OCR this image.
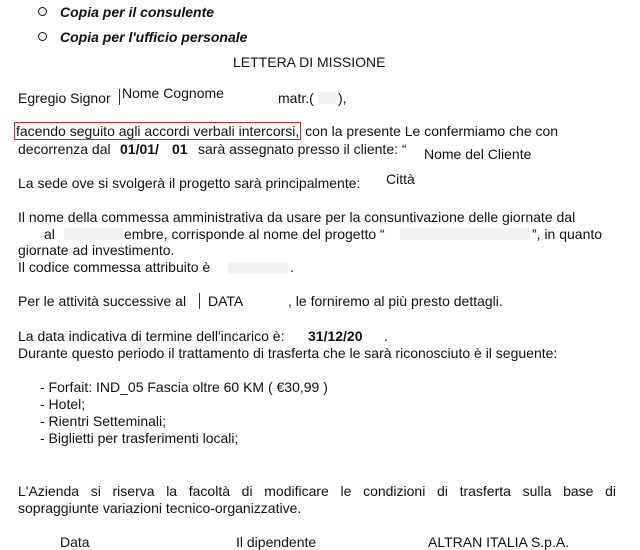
Copia per il consulente
Copia per l'ufficio personale
LETTERA DI MISSIONE
Egregio Signor Nome Cognome	matr.( ),
facendo seguito agli accordi verbali intercorsi, con la presente Le confermiamo che con
decorrenza dal 01/01/ 01 sarà assegnato presso il cliente: “ Nome del Cliente
La sede ove si svolgerà il progetto sarà principalmente: Città
Il nome della commessa amministrativa da usare per la consuntivazione delle giornate dal
al	embre, corrisponde al nome del progetto “	”, in quanto
giornate ad investimento.
Il codice commessa attribuito è	.
Per le attività successive al DATA	, le forniremo al più presto dettagli.
La data indicativa di termine dell'incarico è: 31/12/20 .
Durante questo periodo il trattamento di trasferta che le sarà riconosciuto è il seguente:
- Forfait: IND_05 Fascia oltre 60 KM ( €30,99 )
- Hotel;
- Rientri Setteminali;
- Biglietti per trasferimenti locali;
L'Azienda si riserva la facoltà di modificare le condizioni di trasferta sulla base di
sopraggiunte variazioni tecnico-organizzative.
Data	Il dipendente	ALTRAN ITALIA S.p.A.
